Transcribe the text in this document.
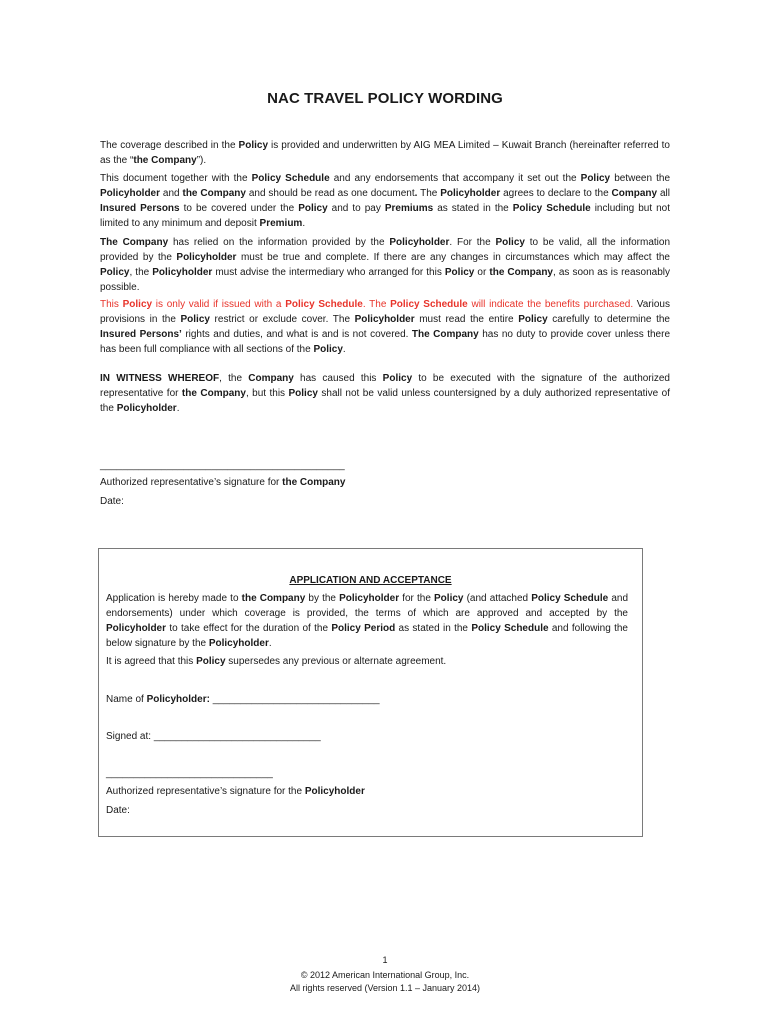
NAC TRAVEL POLICY WORDING

The coverage described in the Policy is provided and underwritten by AIG MEA Limited – Kuwait Branch (hereinafter referred to as the “the Company”).

This document together with the Policy Schedule and any endorsements that accompany it set out the Policy between the Policyholder and the Company and should be read as one document. The Policyholder agrees to declare to the Company all Insured Persons to be covered under the Policy and to pay Premiums as stated in the Policy Schedule including but not limited to any minimum and deposit Premium.

The Company has relied on the information provided by the Policyholder. For the Policy to be valid, all the information provided by the Policyholder must be true and complete. If there are any changes in circumstances which may affect the Policy, the Policyholder must advise the intermediary who arranged for this Policy or the Company, as soon as is reasonably possible.

This Policy is only valid if issued with a Policy Schedule. The Policy Schedule will indicate the benefits purchased. Various provisions in the Policy restrict or exclude cover. The Policyholder must read the entire Policy carefully to determine the Insured Persons’ rights and duties, and what is and is not covered. The Company has no duty to provide cover unless there has been full compliance with all sections of the Policy.

IN WITNESS WHEREOF, the Company has caused this Policy to be executed with the signature of the authorized representative for the Company, but this Policy shall not be valid unless countersigned by a duly authorized representative of the Policyholder.

____________________________________________
Authorized representative’s signature for the Company
Date:
APPLICATION AND ACCEPTANCE

Application is hereby made to the Company by the Policyholder for the Policy (and attached Policy Schedule and endorsements) under which coverage is provided, the terms of which are approved and accepted by the Policyholder to take effect for the duration of the Policy Period as stated in the Policy Schedule and following the below signature by the Policyholder.

It is agreed that this Policy supersedes any previous or alternate agreement.

Name of Policyholder: ______________________________
Signed at: ______________________________
______________________________
Authorized representative’s signature for the Policyholder
Date:
1
© 2012 American International Group, Inc.
All rights reserved (Version 1.1 – January 2014)
